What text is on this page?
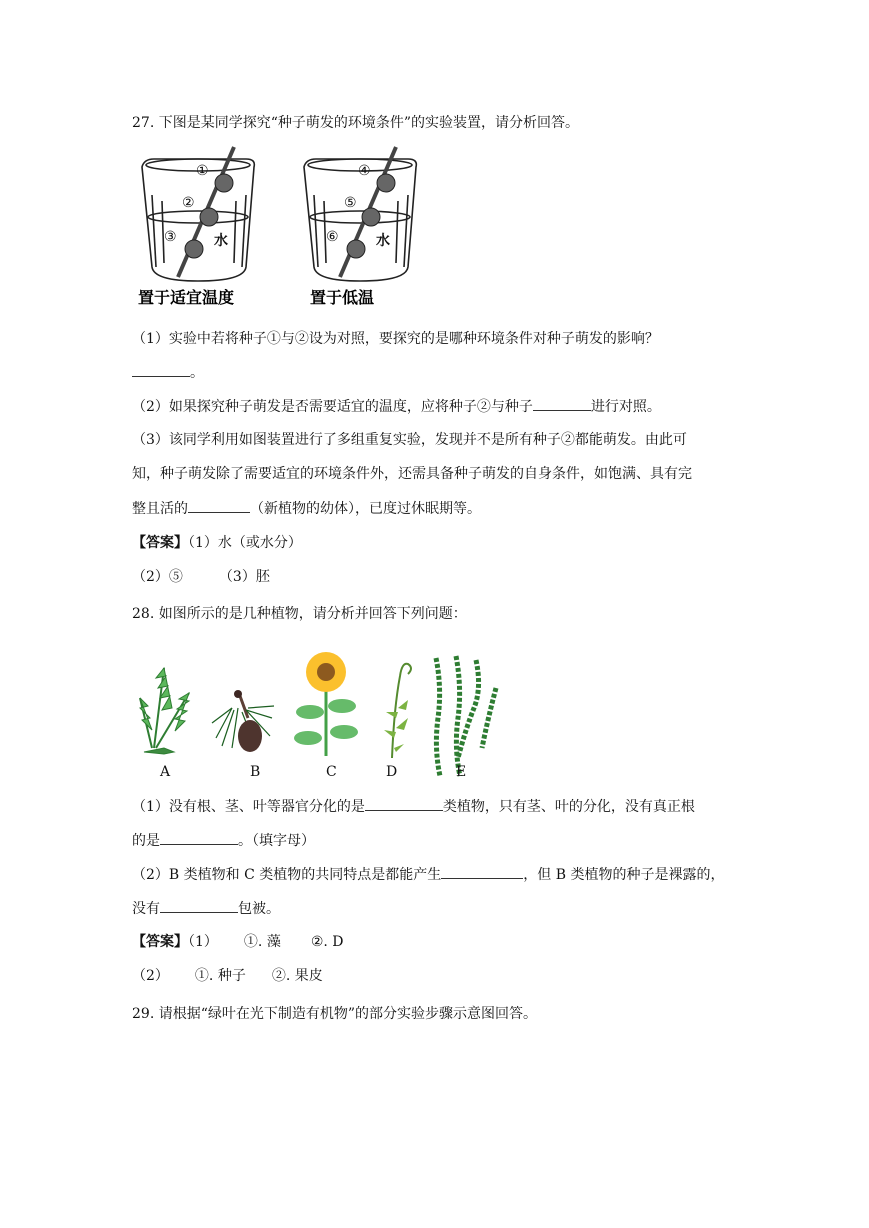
27. 下图是某同学探究“种子萌发的环境条件”的实验装置，请分析回答。
①
②
③	水
置于适宜温度
④
⑤
⑥	水
置于低温
（1）实验中若将种子①与②设为对照，要探究的是哪种环境条件对种子萌发的影响？
。
（2）如果探究种子萌发是否需要适宜的温度，应将种子②与种子	进行对照。
（3）该同学利用如图装置进行了多组重复实验，发现并不是所有种子②都能萌发。由此可
知，种子萌发除了需要适宜的环境条件外，还需具备种子萌发的自身条件，如饱满、具有完
整且活的	（新植物的幼体），已度过休眠期等。
【答案】（1）水（或水分）
（2）⑤	（3）胚
28. 如图所示的是几种植物，请分析并回答下列问题：
A	B	C	D	E
（1）没有根、茎、叶等器官分化的是	类植物，只有茎、叶的分化，没有真正根
的是	。（填字母）
（2）B 类植物和 C 类植物的共同特点是都能产生	，但 B 类植物的种子是裸露的，
没有	包被。
【答案】（1） ①. 藻 ②. D
（2） ①. 种子 ②. 果皮
29. 请根据“绿叶在光下制造有机物”的部分实验步骤示意图回答。
